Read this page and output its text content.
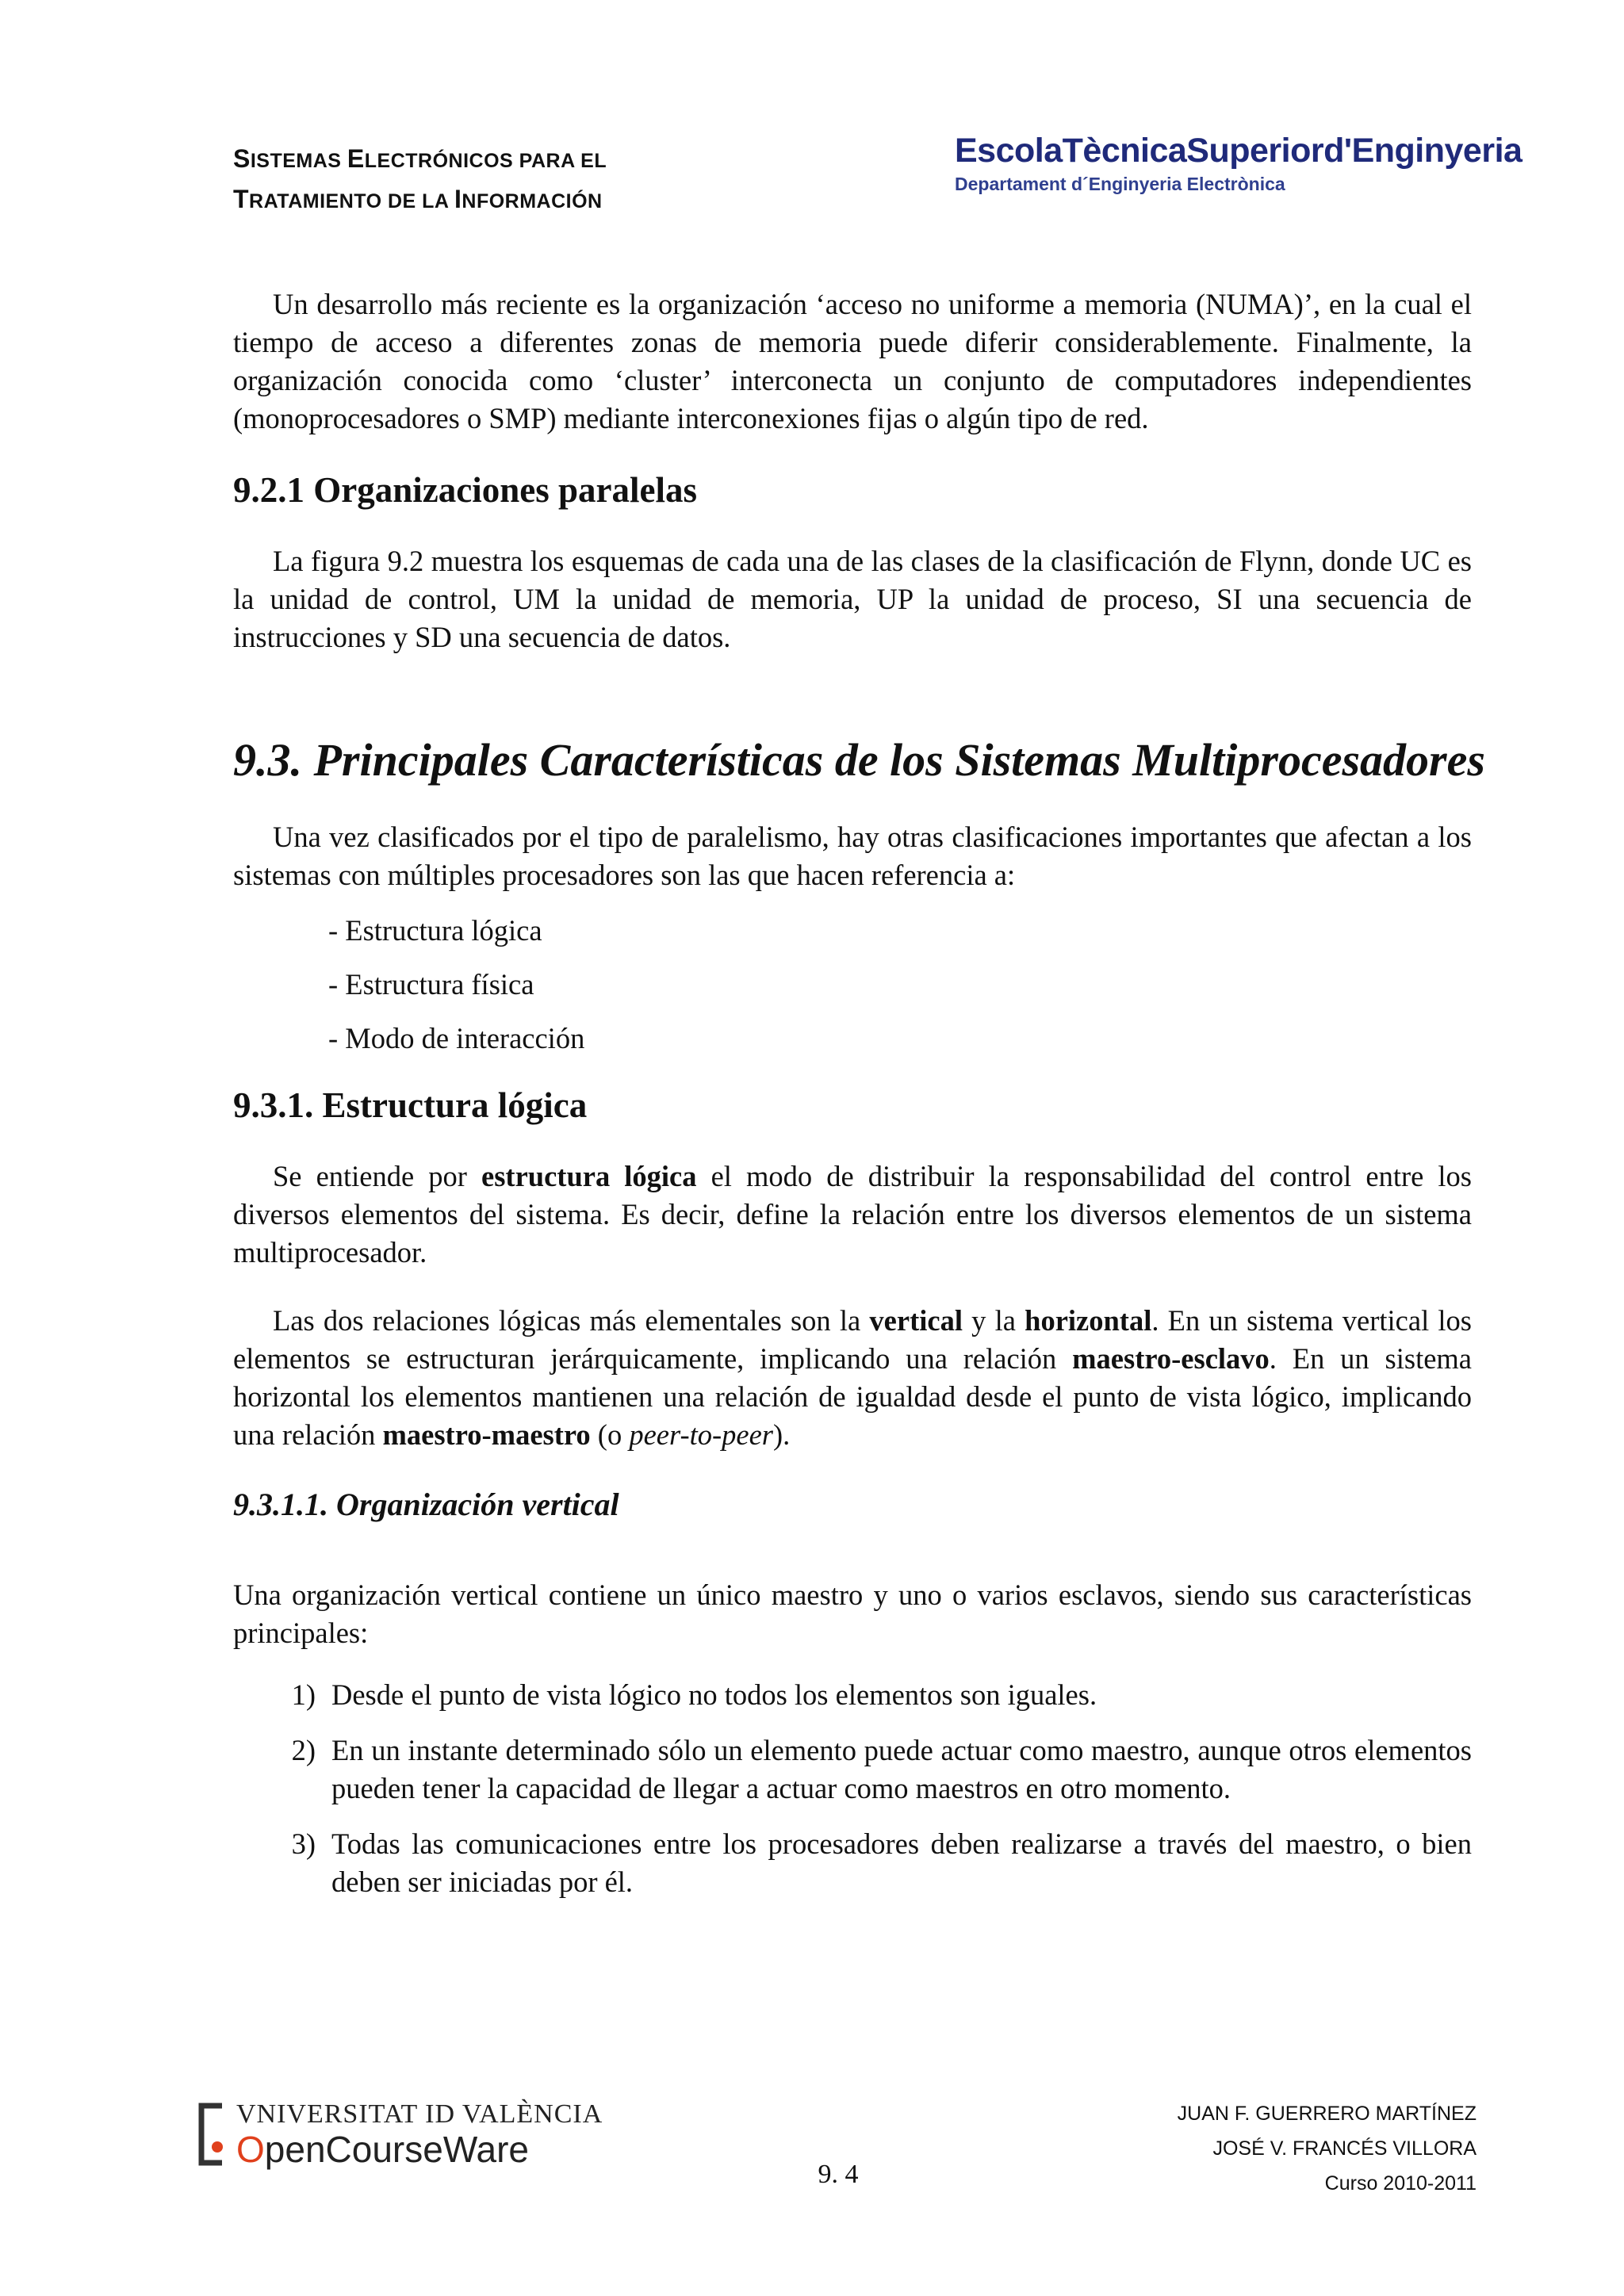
SISTEMAS ELECTRÓNICOS PARA EL
TRATAMIENTO DE LA INFORMACIÓN
EscolaTècnicaSuperiord'Enginyeria
Departament d´Enginyeria Electrònica

Un desarrollo más reciente es la organización ‘acceso no uniforme a memoria (NUMA)’, en la cual el tiempo de acceso a diferentes zonas de memoria puede diferir considerablemente. Finalmente, la organización conocida como ‘cluster’ interconecta un conjunto de computadores independientes (monoprocesadores o SMP) mediante interconexiones fijas o algún tipo de red.

9.2.1 Organizaciones paralelas

La figura 9.2 muestra los esquemas de cada una de las clases de la clasificación de Flynn, donde UC es la unidad de control, UM la unidad de memoria, UP la unidad de proceso, SI una secuencia de instrucciones y SD una secuencia de datos.

9.3. Principales Características de los Sistemas Multiprocesadores

Una vez clasificados por el tipo de paralelismo, hay otras clasificaciones importantes que afectan a los sistemas con múltiples procesadores son las que hacen referencia a:

- Estructura lógica
- Estructura física
- Modo de interacción
9.3.1. Estructura lógica

Se entiende por estructura lógica el modo de distribuir la responsabilidad del control entre los diversos elementos del sistema. Es decir, define la relación entre los diversos elementos de un sistema multiprocesador.

Las dos relaciones lógicas más elementales son la vertical y la horizontal. En un sistema vertical los elementos se estructuran jerárquicamente, implicando una relación maestro-esclavo. En un sistema horizontal los elementos mantienen una relación de igualdad desde el punto de vista lógico, implicando una relación maestro-maestro (o peer-to-peer).

9.3.1.1. Organización vertical

Una organización vertical contiene un único maestro y uno o varios esclavos, siendo sus características principales:

1) Desde el punto de vista lógico no todos los elementos son iguales.
2) En un instante determinado sólo un elemento puede actuar como maestro, aunque otros elementos pueden tener la capacidad de llegar a actuar como maestros en otro momento.
3) Todas las comunicaciones entre los procesadores deben realizarse a través del maestro, o bien deben ser iniciadas por él.
VNIVERSITAT ID VALÈNCIA
OpenCourseWare
9. 4
JUAN F. GUERRERO MARTÍNEZ
JOSÉ V. FRANCÉS VILLORA
Curso 2010-2011
